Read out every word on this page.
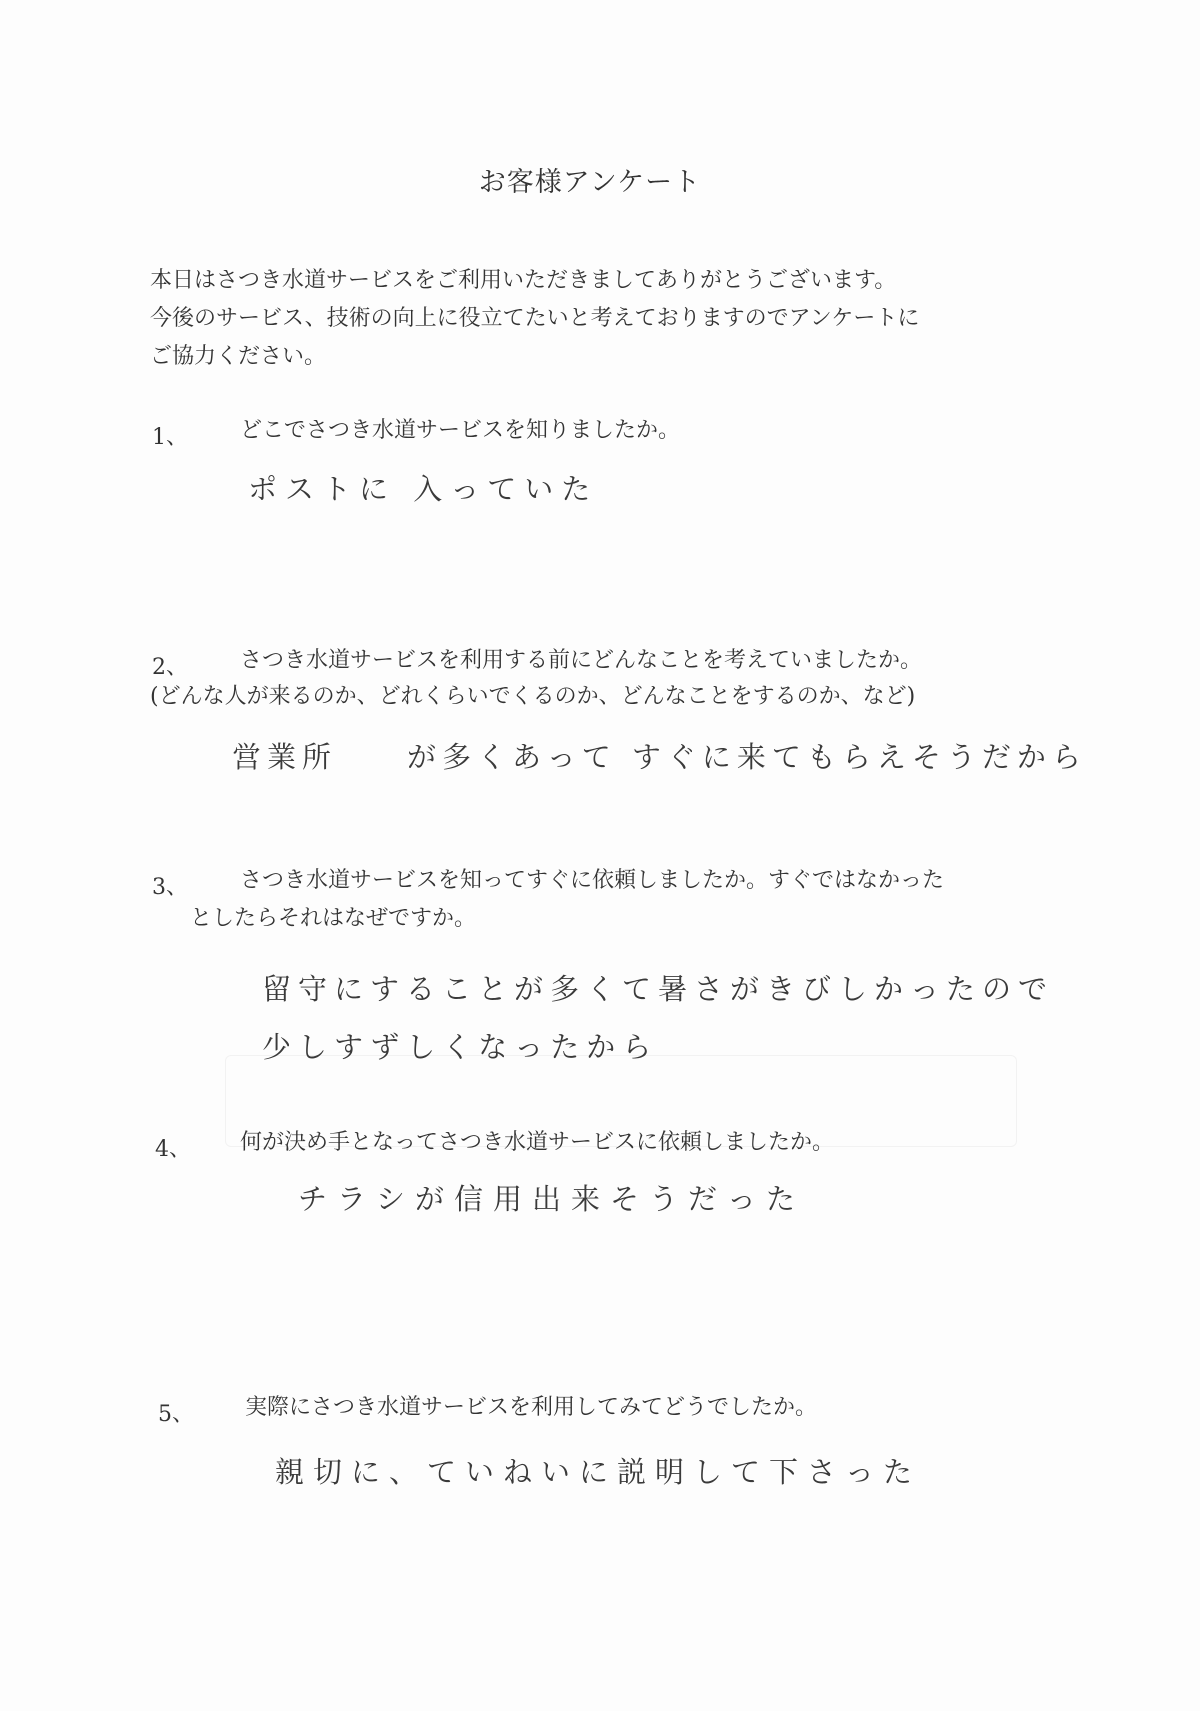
お客様アンケート
本日はさつき水道サービスをご利用いただきましてありがとうございます。
今後のサービス、技術の向上に役立てたいと考えておりますのでアンケートに
ご協力ください。
1、 どこでさつき水道サービスを知りましたか。
ポストに 入っていた
2、 さつき水道サービスを利用する前にどんなことを考えていましたか。
(どんな人が来るのか、どれくらいでくるのか、どんなことをするのか、など)
営業所　　が多くあって すぐに来てもらえそうだから
3、 さつき水道サービスを知ってすぐに依頼しましたか。すぐではなかった
としたらそれはなぜですか。
留守にすることが多くて暑さがきびしかったので
少しすずしくなったから
4、 何が決め手となってさつき水道サービスに依頼しましたか。
チラシが信用出来そうだった
5、 実際にさつき水道サービスを利用してみてどうでしたか。
親切に、ていねいに説明して下さった
